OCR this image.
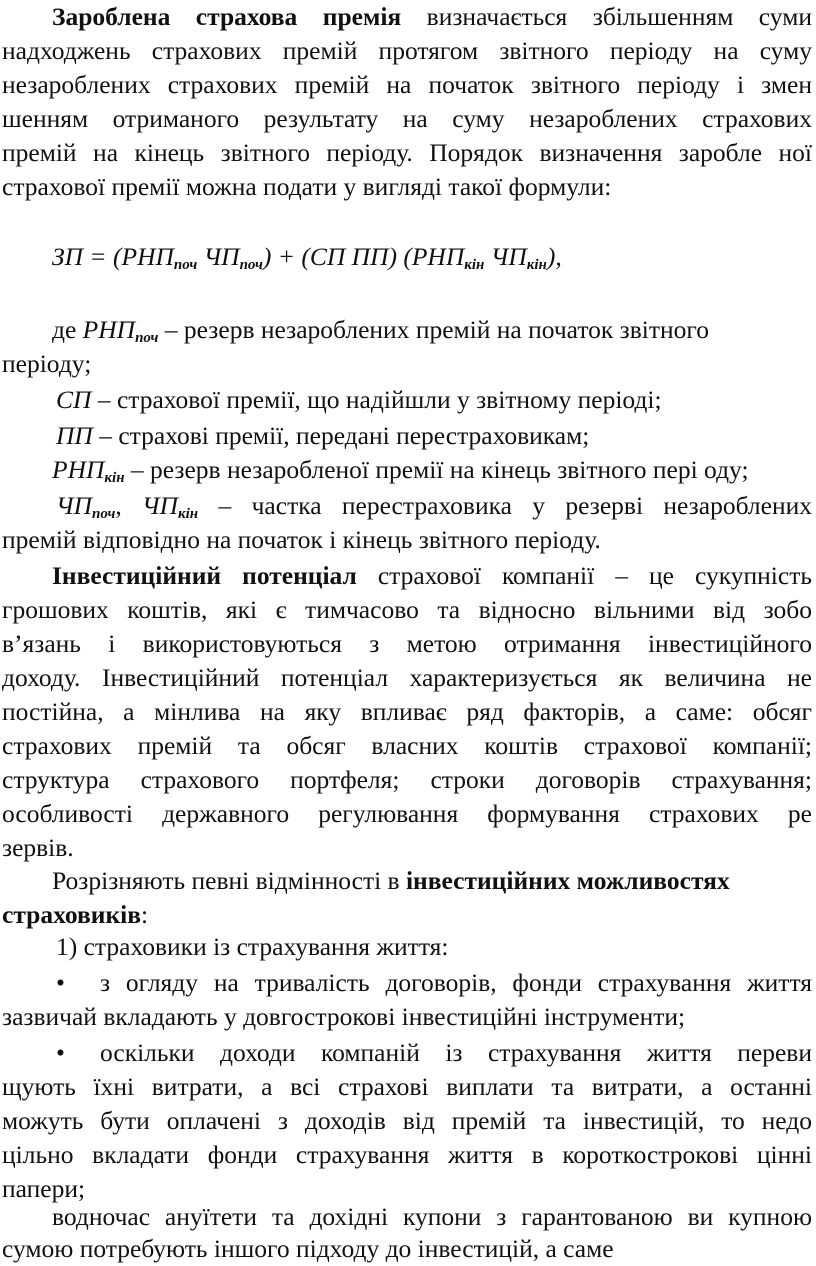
Зароблена страхова премія визначається збільшенням суми
надходжень страхових премій протягом звітного періоду на суму
незароблених страхових премій на початок звітного періоду і змен
шенням отриманого результату на суму незароблених страхових
премій на кінець звітного періоду. Порядок визначення зароблe ної
страхової премії можна подати у вигляді такої формули:
ЗП = ($РНП_{поч}$ $ЧП_{поч}) + (СП$ ПП) ($РНП_{кін}$ $ЧП_{кін}$),
де $РНП_{поч}$ – резерв незароблених премій на початок звітного
періоду;
СП – страхової премії, що надійшли у звітному періоді;
ПП – страхові премії, передані перестраховикам;
$РНП_{кін}$ – резерв незаробленої премії на кінець звітного пері оду;
$ЧП_{поч}$, $ЧП_{кін}$ – частка перестраховика у резерві незароблених
премій відповідно на початок і кінець звітного періоду.
Інвестиційний потенціал страхової компанії – це сукупність
грошових коштів, які є тимчасово та відносно вільними від зобо
в’язань і використовуються з метою отримання інвестиційного
доходу. Інвестиційний потенціал характеризується як величина не
постійна, а мінлива на яку впливає ряд факторів, а саме: обсяг
страхових премій та обсяг власних коштів страхової компанії;
структура страхового портфеля; строки договорів страхування;
особливості державного регулювання формування страхових ре
зервів.
Розрізняють певні відмінності в інвестиційних можливостях
страховиків:
1) страховики із страхування життя:
• з огляду на тривалість договорів, фонди страхування життя
зазвичай вкладають у довгострокові інвестиційні інструменти;
• оскільки доходи компаній із страхування життя переви
щують їхні витрати, а всі страхові виплати та витрати, а останні
можуть бути оплачені з доходів від премій та інвестицій, то недо
цільно вкладати фонди страхування життя в короткострокові цінні
папери;
водночас ануїтети та дохідні купони з гарантованою ви купною
сумою потребують іншого підходу до інвестицій, а саме
